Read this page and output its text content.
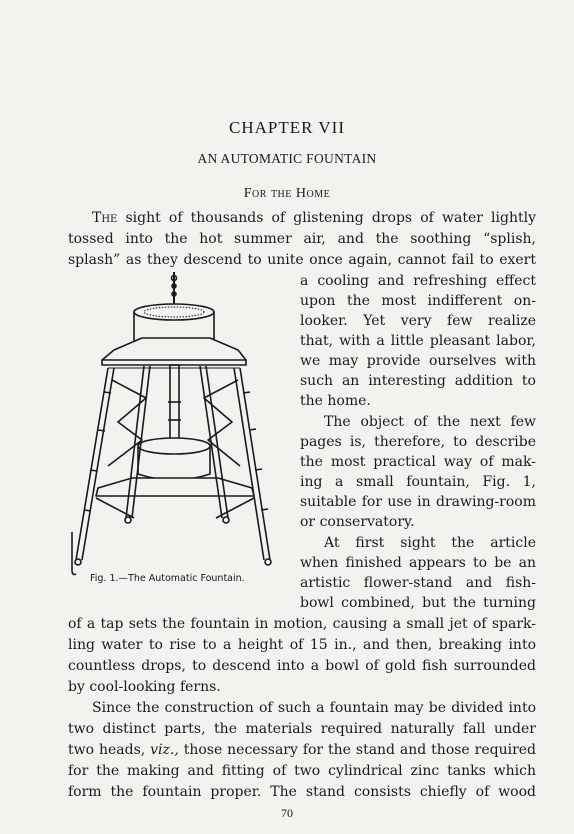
CHAPTER VII
AN AUTOMATIC FOUNTAIN
For the Home
The sight of thousands of glistening drops of water lightly
tossed into the hot summer air, and the soothing “splish,
splash” as they descend to unite once again, cannot fail to exert
a cooling and refreshing effect
upon the most indifferent on-
looker. Yet very few realize
that, with a little pleasant labor,
we may provide ourselves with
such an interesting addition to
the home.
The object of the next few
pages is, therefore, to describe
the most practical way of mak-
ing a small fountain, Fig. 1,
suitable for use in drawing-room
or conservatory.
At first sight the article
when finished appears to be an
artistic flower-stand and fish-
bowl combined, but the turning
of a tap sets the fountain in motion, causing a small jet of spark-
ling water to rise to a height of 15 in., and then, breaking into
countless drops, to descend into a bowl of gold fish surrounded
by cool-looking ferns.
Since the construction of such a fountain may be divided into
two distinct parts, the materials required naturally fall under
two heads, viz., those necessary for the stand and those required
for the making and fitting of two cylindrical zinc tanks which
form the fountain proper. The stand consists chiefly of wood
Fig. 1.—The Automatic Fountain.
70
